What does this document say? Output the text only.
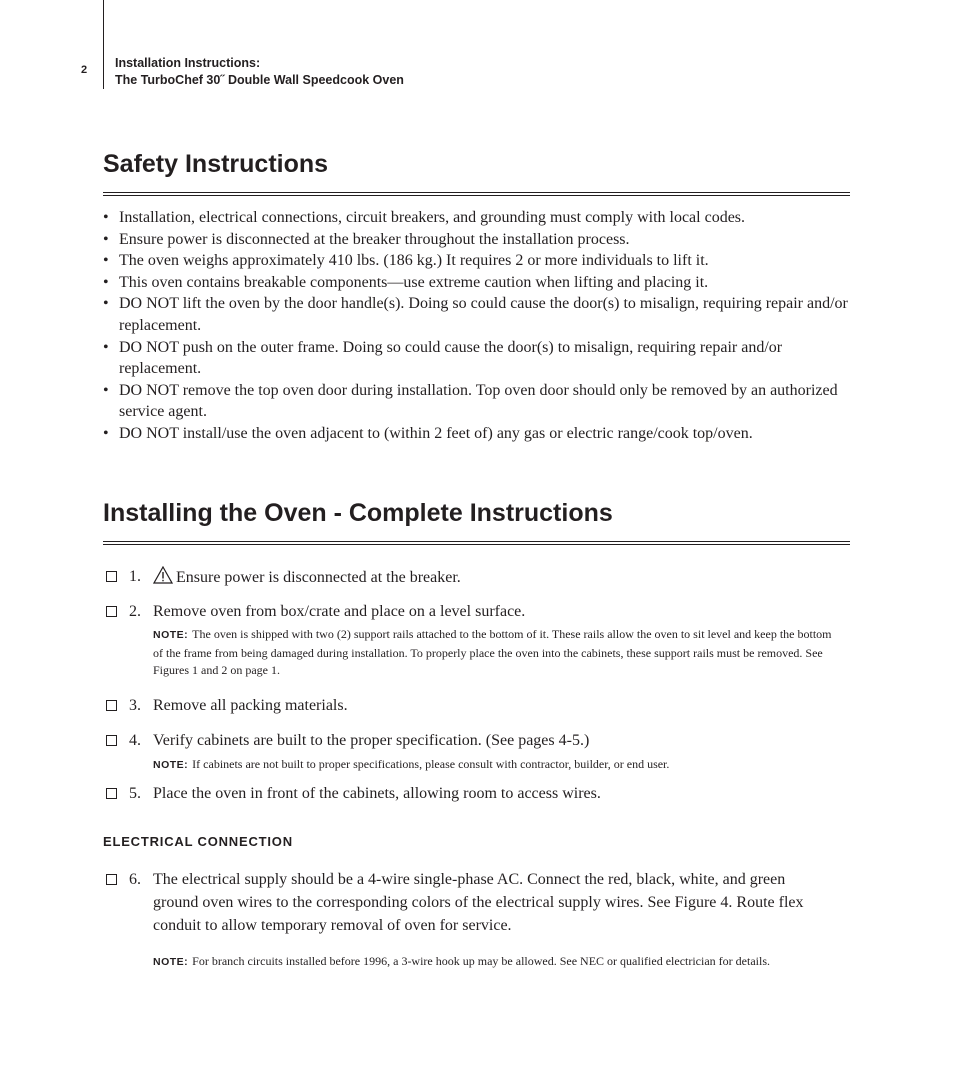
2 Installation Instructions:
The TurboChef 30˝ Double Wall Speedcook Oven
Safety Instructions
• Installation, electrical connections, circuit breakers, and grounding must comply with local codes.
• Ensure power is disconnected at the breaker throughout the installation process.
• The oven weighs approximately 410 lbs. (186 kg.) It requires 2 or more individuals to lift it.
• This oven contains breakable components—use extreme caution when lifting and placing it.
• DO NOT lift the oven by the door handle(s). Doing so could cause the door(s) to misalign, requiring repair and/or replacement.
• DO NOT push on the outer frame. Doing so could cause the door(s) to misalign, requiring repair and/or replacement.
• DO NOT remove the top oven door during installation. Top oven door should only be removed by an authorized service agent.
• DO NOT install/use the oven adjacent to (within 2 feet of) any gas or electric range/cook top/oven.
Installing the Oven - Complete Instructions
1.	Ensure power is disconnected at the breaker.
2. Remove oven from box/crate and place on a level surface.
NOTE: The oven is shipped with two (2) support rails attached to the bottom of it. These rails allow the oven to sit level and keep the bottom of the frame from being damaged during installation. To properly place the oven into the cabinets, these support rails must be removed. See Figures 1 and 2 on page 1.
3. Remove all packing materials.
4. Verify cabinets are built to the proper specification. (See pages 4-5.)
NOTE: If cabinets are not built to proper specifications, please consult with contractor, builder, or end user.
5. Place the oven in front of the cabinets, allowing room to access wires.
ELECTRICAL CONNECTION
6. The electrical supply should be a 4-wire single-phase AC. Connect the red, black, white, and green ground oven wires to the corresponding colors of the electrical supply wires. See Figure 4. Route flex conduit to allow temporary removal of oven for service.
NOTE: For branch circuits installed before 1996, a 3-wire hook up may be allowed. See NEC or qualified electrician for details.
